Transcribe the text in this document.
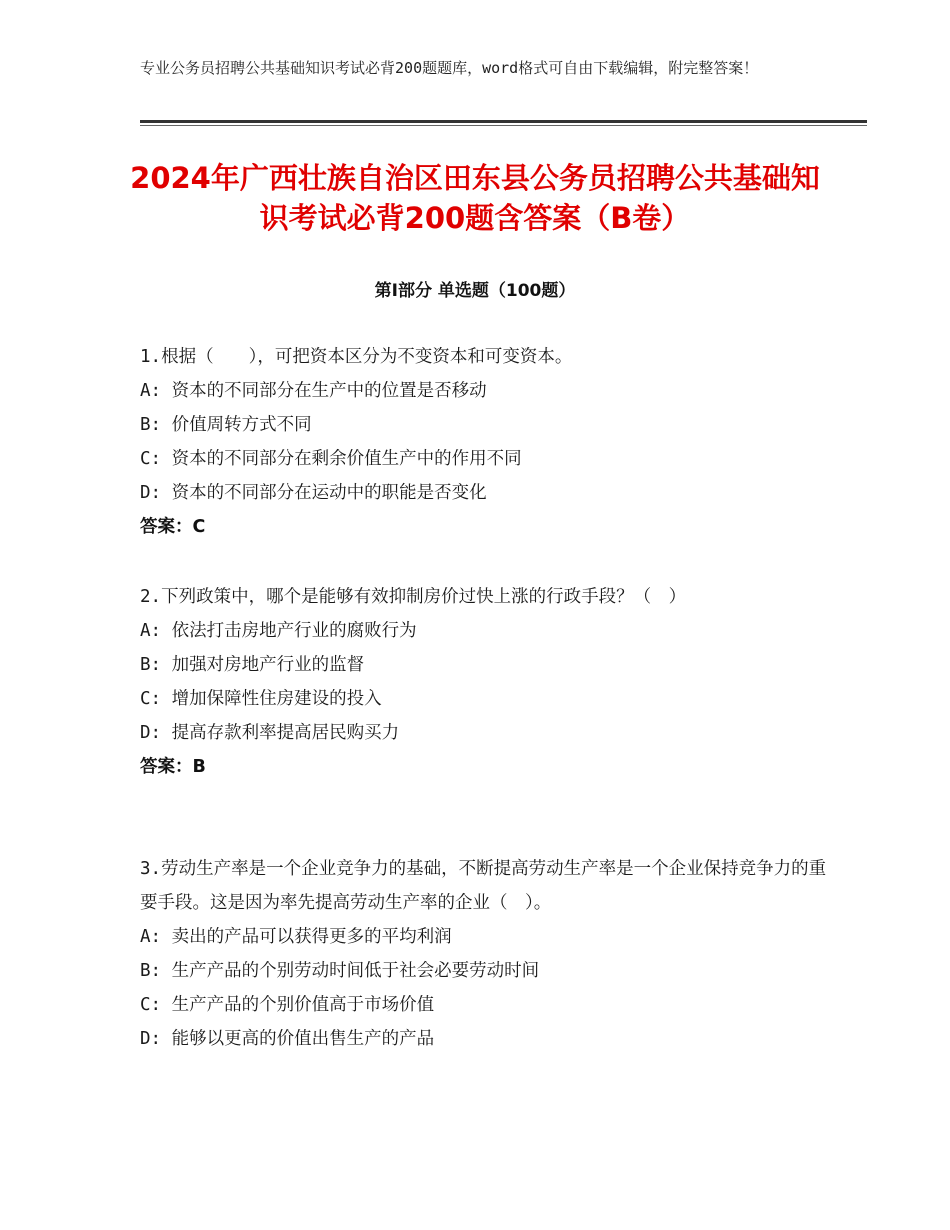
专业公务员招聘公共基础知识考试必背200题题库，word格式可自由下载编辑，附完整答案！
2024年广西壮族自治区田东县公务员招聘公共基础知识考试必背200题含答案（B卷）
第Ⅰ部分 单选题（100题）
1.根据（　　），可把资本区分为不变资本和可变资本。
A: 资本的不同部分在生产中的位置是否移动
B: 价值周转方式不同
C: 资本的不同部分在剩余价值生产中的作用不同
D: 资本的不同部分在运动中的职能是否变化
答案：C
2.下列政策中，哪个是能够有效抑制房价过快上涨的行政手段？（　）
A: 依法打击房地产行业的腐败行为
B: 加强对房地产行业的监督
C: 增加保障性住房建设的投入
D: 提高存款利率提高居民购买力
答案：B
3.劳动生产率是一个企业竞争力的基础，不断提高劳动生产率是一个企业保持竞争力的重要手段。这是因为率先提高劳动生产率的企业（　）。
A: 卖出的产品可以获得更多的平均利润
B: 生产产品的个别劳动时间低于社会必要劳动时间
C: 生产产品的个别价值高于市场价值
D: 能够以更高的价值出售生产的产品
